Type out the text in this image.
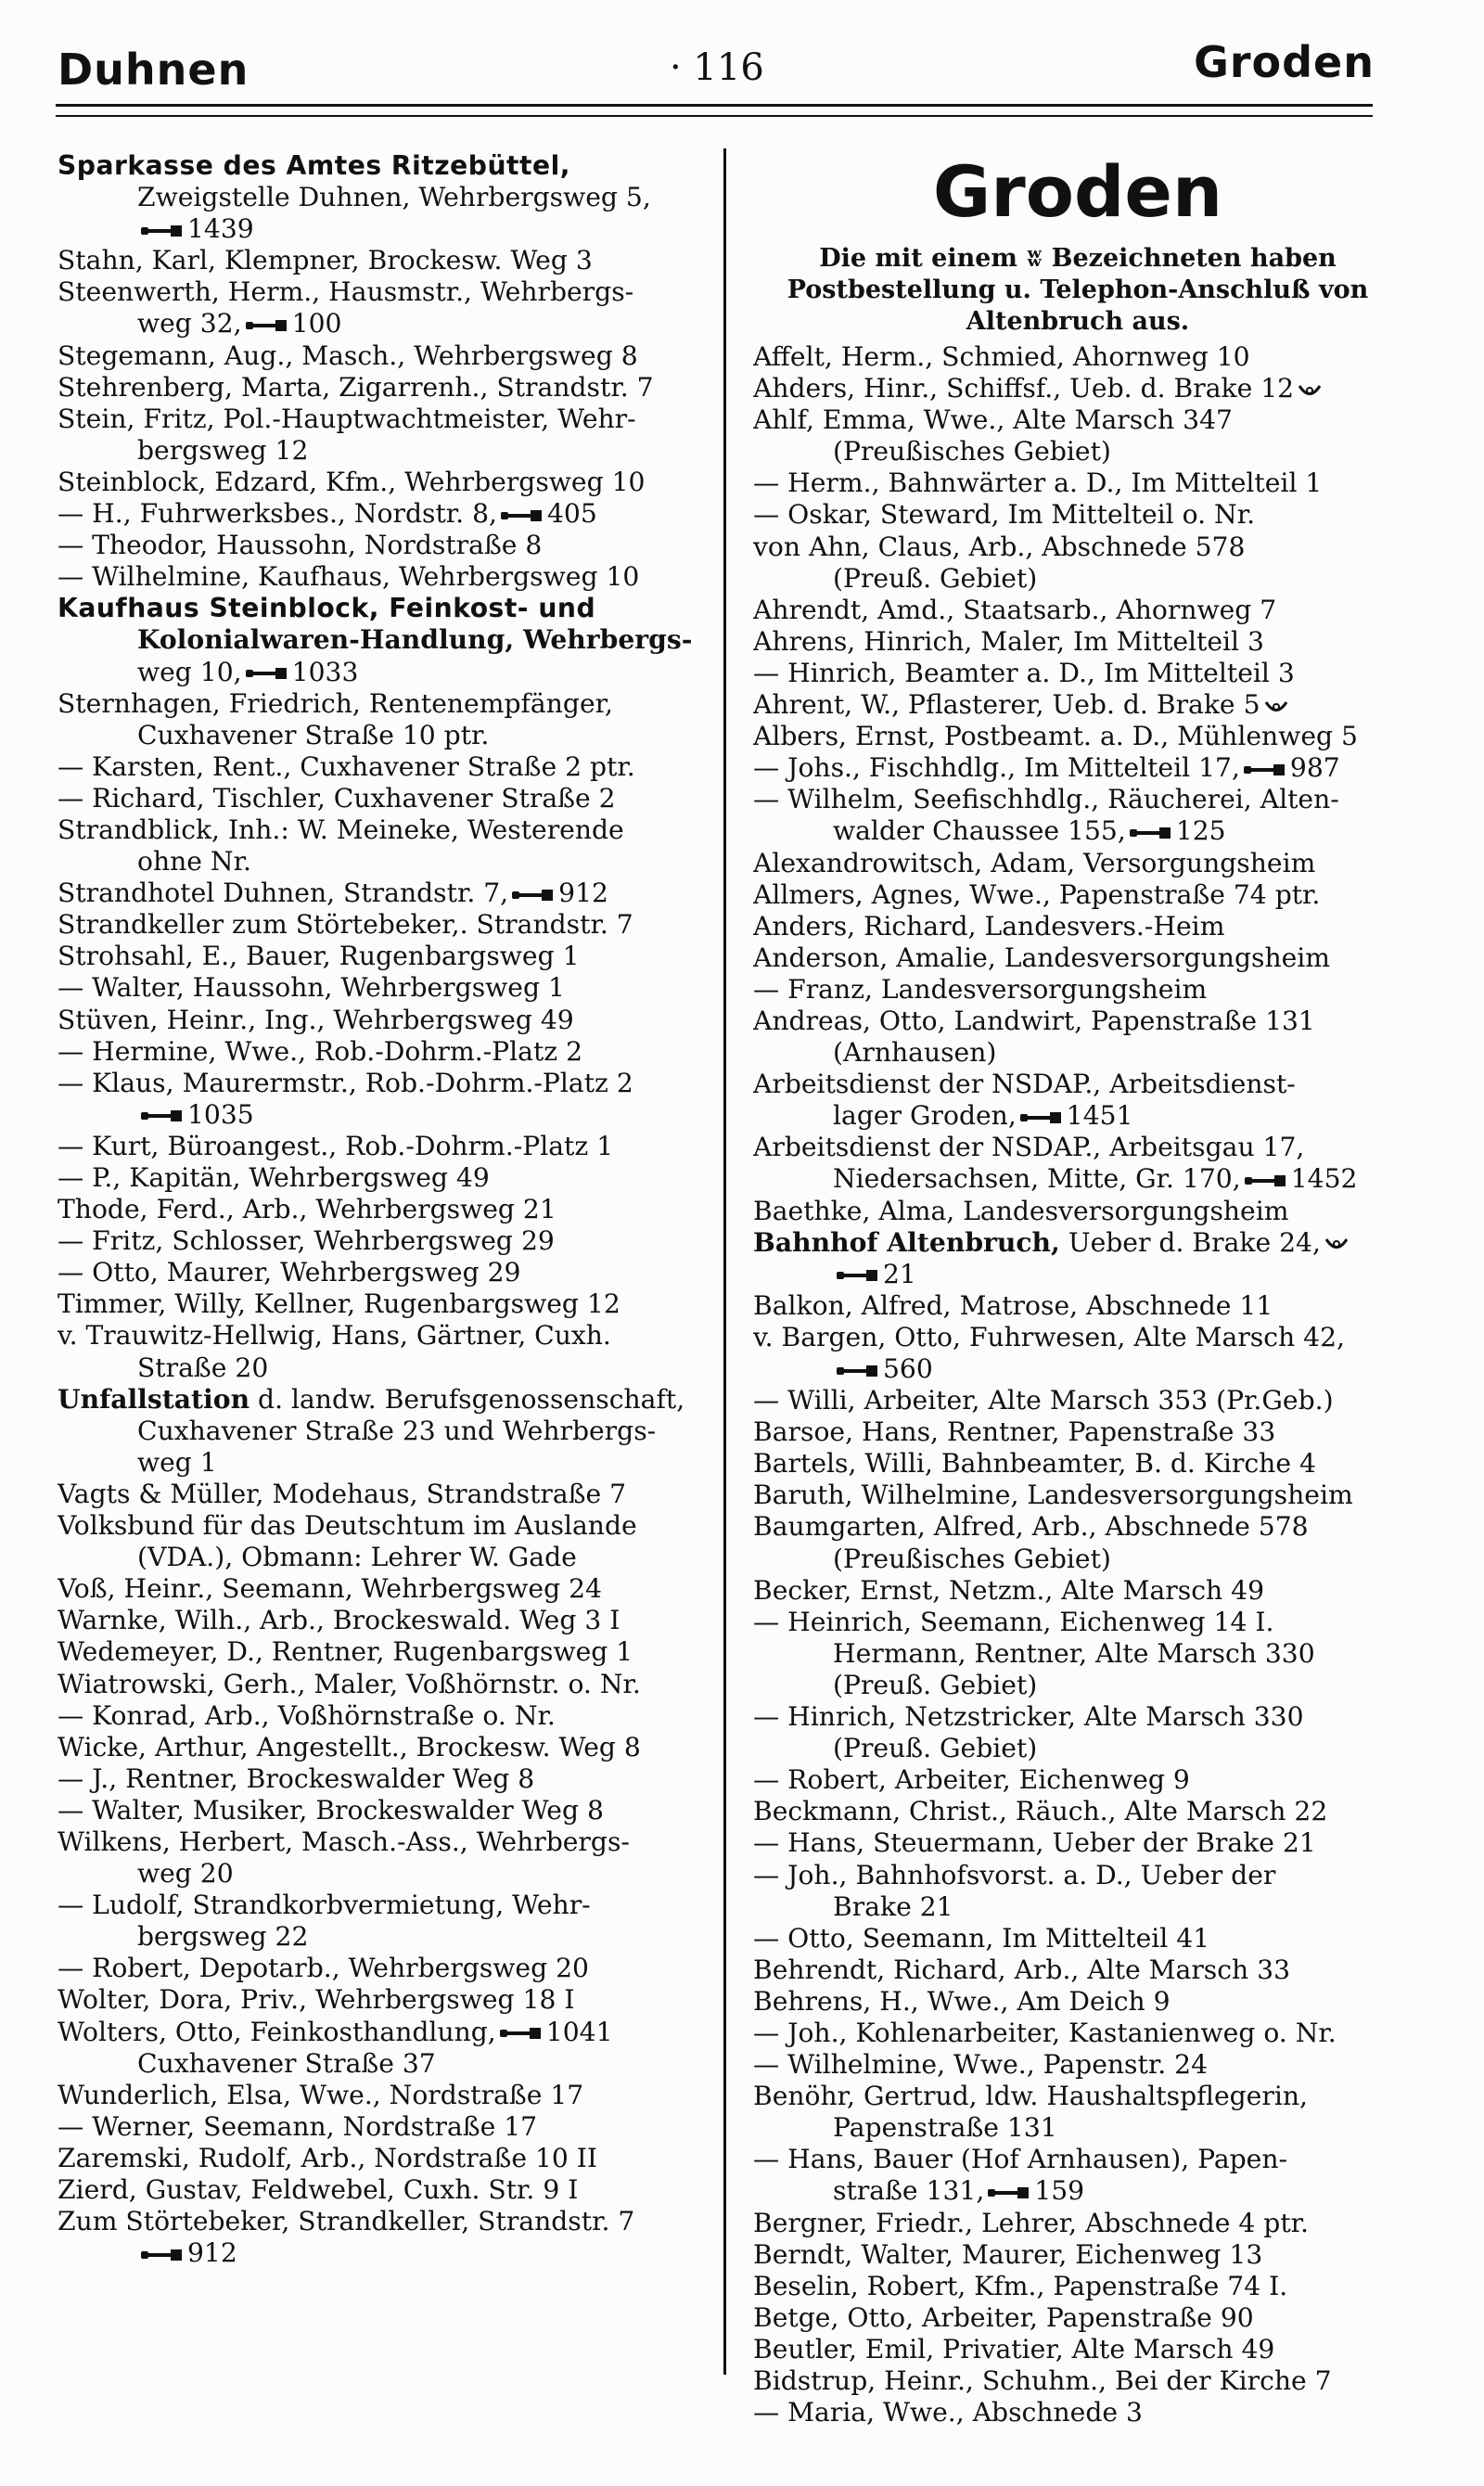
Duhnen	· 116	Groden
Sparkasse des Amtes Ritzebüttel,
Zweigstelle Duhnen, Wehrbergsweg 5,
1439
Stahn, Karl, Klempner, Brockesw. Weg 3
Steenwerth, Herm., Hausmstr., Wehrbergs-
weg 32, 100
Stegemann, Aug., Masch., Wehrbergsweg 8
Stehrenberg, Marta, Zigarrenh., Strandstr. 7
Stein, Fritz, Pol.-Hauptwachtmeister, Wehr-
bergsweg 12
Steinblock, Edzard, Kfm., Wehrbergsweg 10
— H., Fuhrwerksbes., Nordstr. 8, 405
— Theodor, Haussohn, Nordstraße 8
— Wilhelmine, Kaufhaus, Wehrbergsweg 10
Kaufhaus Steinblock, Feinkost- und
Kolonialwaren-Handlung, Wehrbergs-
weg 10, 1033
Sternhagen, Friedrich, Rentenempfänger,
Cuxhavener Straße 10 ptr.
— Karsten, Rent., Cuxhavener Straße 2 ptr.
— Richard, Tischler, Cuxhavener Straße 2
Strandblick, Inh.: W. Meineke, Westerende
ohne Nr.
Strandhotel Duhnen, Strandstr. 7, 912
Strandkeller zum Störtebeker,. Strandstr. 7
Strohsahl, E., Bauer, Rugenbargsweg 1
— Walter, Haussohn, Wehrbergsweg 1
Stüven, Heinr., Ing., Wehrbergsweg 49
— Hermine, Wwe., Rob.-Dohrm.-Platz 2
— Klaus, Maurermstr., Rob.-Dohrm.-Platz 2
1035
— Kurt, Büroangest., Rob.-Dohrm.-Platz 1
— P., Kapitän, Wehrbergsweg 49
Thode, Ferd., Arb., Wehrbergsweg 21
— Fritz, Schlosser, Wehrbergsweg 29
— Otto, Maurer, Wehrbergsweg 29
Timmer, Willy, Kellner, Rugenbargsweg 12
v. Trauwitz-Hellwig, Hans, Gärtner, Cuxh.
Straße 20
Unfallstation d. landw. Berufsgenossenschaft,
Cuxhavener Straße 23 und Wehrbergs-
weg 1
Vagts & Müller, Modehaus, Strandstraße 7
Volksbund für das Deutschtum im Auslande
(VDA.), Obmann: Lehrer W. Gade
Voß, Heinr., Seemann, Wehrbergsweg 24
Warnke, Wilh., Arb., Brockeswald. Weg 3 I
Wedemeyer, D., Rentner, Rugenbargsweg 1
Wiatrowski, Gerh., Maler, Voßhörnstr. o. Nr.
— Konrad, Arb., Voßhörnstraße o. Nr.
Wicke, Arthur, Angestellt., Brockesw. Weg 8
— J., Rentner, Brockeswalder Weg 8
— Walter, Musiker, Brockeswalder Weg 8
Wilkens, Herbert, Masch.-Ass., Wehrbergs-
weg 20
— Ludolf, Strandkorbvermietung, Wehr-
bergsweg 22
— Robert, Depotarb., Wehrbergsweg 20
Wolter, Dora, Priv., Wehrbergsweg 18 I
Wolters, Otto, Feinkosthandlung, 1041
Cuxhavener Straße 37
Wunderlich, Elsa, Wwe., Nordstraße 17
— Werner, Seemann, Nordstraße 17
Zaremski, Rudolf, Arb., Nordstraße 10 II
Zierd, Gustav, Feldwebel, Cuxh. Str. 9 I
Zum Störtebeker, Strandkeller, Strandstr. 7
912
Groden
Die mit einem ʬ Bezeichneten haben Postbestellung u. Telephon-Anschluß von Altenbruch aus.
Affelt, Herm., Schmied, Ahornweg 10
Ahders, Hinr., Schiffsf., Ueb. d. Brake 12
Ahlf, Emma, Wwe., Alte Marsch 347
(Preußisches Gebiet)
— Herm., Bahnwärter a. D., Im Mittelteil 1
— Oskar, Steward, Im Mittelteil o. Nr.
von Ahn, Claus, Arb., Abschnede 578
(Preuß. Gebiet)
Ahrendt, Amd., Staatsarb., Ahornweg 7
Ahrens, Hinrich, Maler, Im Mittelteil 3
— Hinrich, Beamter a. D., Im Mittelteil 3
Ahrent, W., Pflasterer, Ueb. d. Brake 5
Albers, Ernst, Postbeamt. a. D., Mühlenweg 5
— Johs., Fischhdlg., Im Mittelteil 17, 987
— Wilhelm, Seefischhdlg., Räucherei, Alten-
walder Chaussee 155, 125
Alexandrowitsch, Adam, Versorgungsheim
Allmers, Agnes, Wwe., Papenstraße 74 ptr.
Anders, Richard, Landesvers.-Heim
Anderson, Amalie, Landesversorgungsheim
— Franz, Landesversorgungsheim
Andreas, Otto, Landwirt, Papenstraße 131
(Arnhausen)
Arbeitsdienst der NSDAP., Arbeitsdienst-
lager Groden, 1451
Arbeitsdienst der NSDAP., Arbeitsgau 17,
Niedersachsen, Mitte, Gr. 170, 1452
Baethke, Alma, Landesversorgungsheim
Bahnhof Altenbruch, Ueber d. Brake 24,
21
Balkon, Alfred, Matrose, Abschnede 11
v. Bargen, Otto, Fuhrwesen, Alte Marsch 42,
560
— Willi, Arbeiter, Alte Marsch 353 (Pr.Geb.)
Barsoe, Hans, Rentner, Papenstraße 33
Bartels, Willi, Bahnbeamter, B. d. Kirche 4
Baruth, Wilhelmine, Landesversorgungsheim
Baumgarten, Alfred, Arb., Abschnede 578
(Preußisches Gebiet)
Becker, Ernst, Netzm., Alte Marsch 49
— Heinrich, Seemann, Eichenweg 14 I.
Hermann, Rentner, Alte Marsch 330
(Preuß. Gebiet)
— Hinrich, Netzstricker, Alte Marsch 330
(Preuß. Gebiet)
— Robert, Arbeiter, Eichenweg 9
Beckmann, Christ., Räuch., Alte Marsch 22
— Hans, Steuermann, Ueber der Brake 21
— Joh., Bahnhofsvorst. a. D., Ueber der
Brake 21
— Otto, Seemann, Im Mittelteil 41
Behrendt, Richard, Arb., Alte Marsch 33
Behrens, H., Wwe., Am Deich 9
— Joh., Kohlenarbeiter, Kastanienweg o. Nr.
— Wilhelmine, Wwe., Papenstr. 24
Benöhr, Gertrud, ldw. Haushaltspflegerin,
Papenstraße 131
— Hans, Bauer (Hof Arnhausen), Papen-
straße 131, 159
Bergner, Friedr., Lehrer, Abschnede 4 ptr.
Berndt, Walter, Maurer, Eichenweg 13
Beselin, Robert, Kfm., Papenstraße 74 I.
Betge, Otto, Arbeiter, Papenstraße 90
Beutler, Emil, Privatier, Alte Marsch 49
Bidstrup, Heinr., Schuhm., Bei der Kirche 7
— Maria, Wwe., Abschnede 3
